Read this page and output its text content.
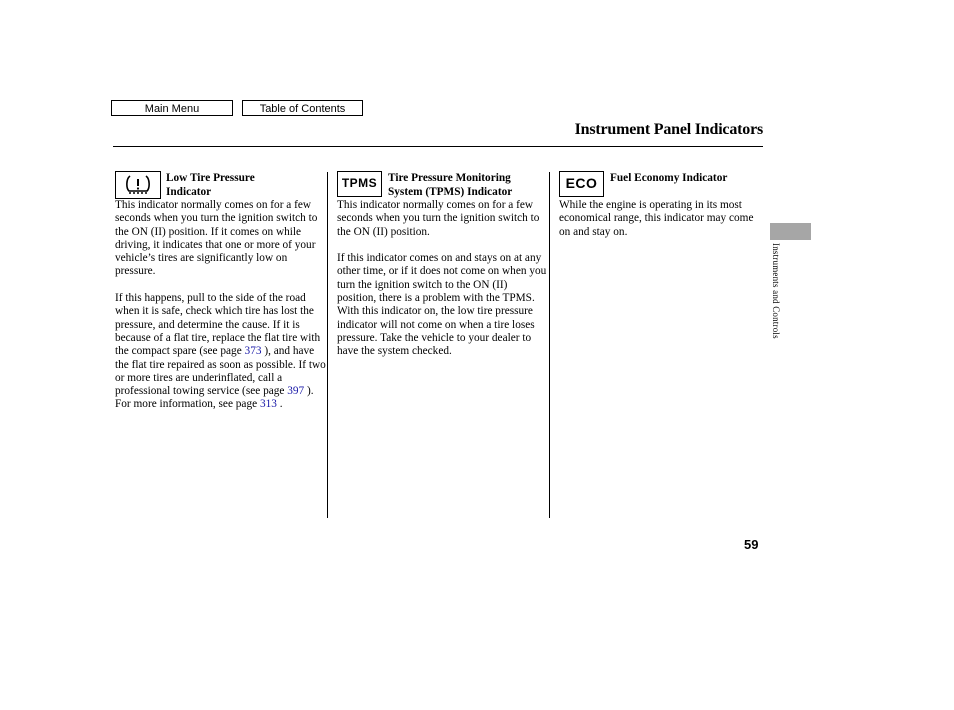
Main Menu	Table of Contents
Instrument Panel Indicators
Low Tire Pressure
Indicator

This indicator normally comes on for a few seconds when you turn the ignition switch to the ON (II) position. If it comes on while driving, it indicates that one or more of your vehicle’s tires are significantly low on pressure.

If this happens, pull to the side of the road when it is safe, check which tire has lost the pressure, and determine the cause. If it is because of a flat tire, replace the flat tire with the compact spare (see page 373 ), and have the flat tire repaired as soon as possible. If two or more tires are underinflated, call a professional towing service (see page 397 ). For more information, see page 313 .

TPMS Tire Pressure Monitoring
System (TPMS) Indicator

This indicator normally comes on for a few seconds when you turn the ignition switch to the ON (II) position.

If this indicator comes on and stays on at any other time, or if it does not come on when you turn the ignition switch to the ON (II) position, there is a problem with the TPMS. With this indicator on, the low tire pressure indicator will not come on when a tire loses pressure. Take the vehicle to your dealer to have the system checked.

ECO Fuel Economy Indicator

While the engine is operating in its most economical range, this indicator may come on and stay on.

Instruments and Controls
59
